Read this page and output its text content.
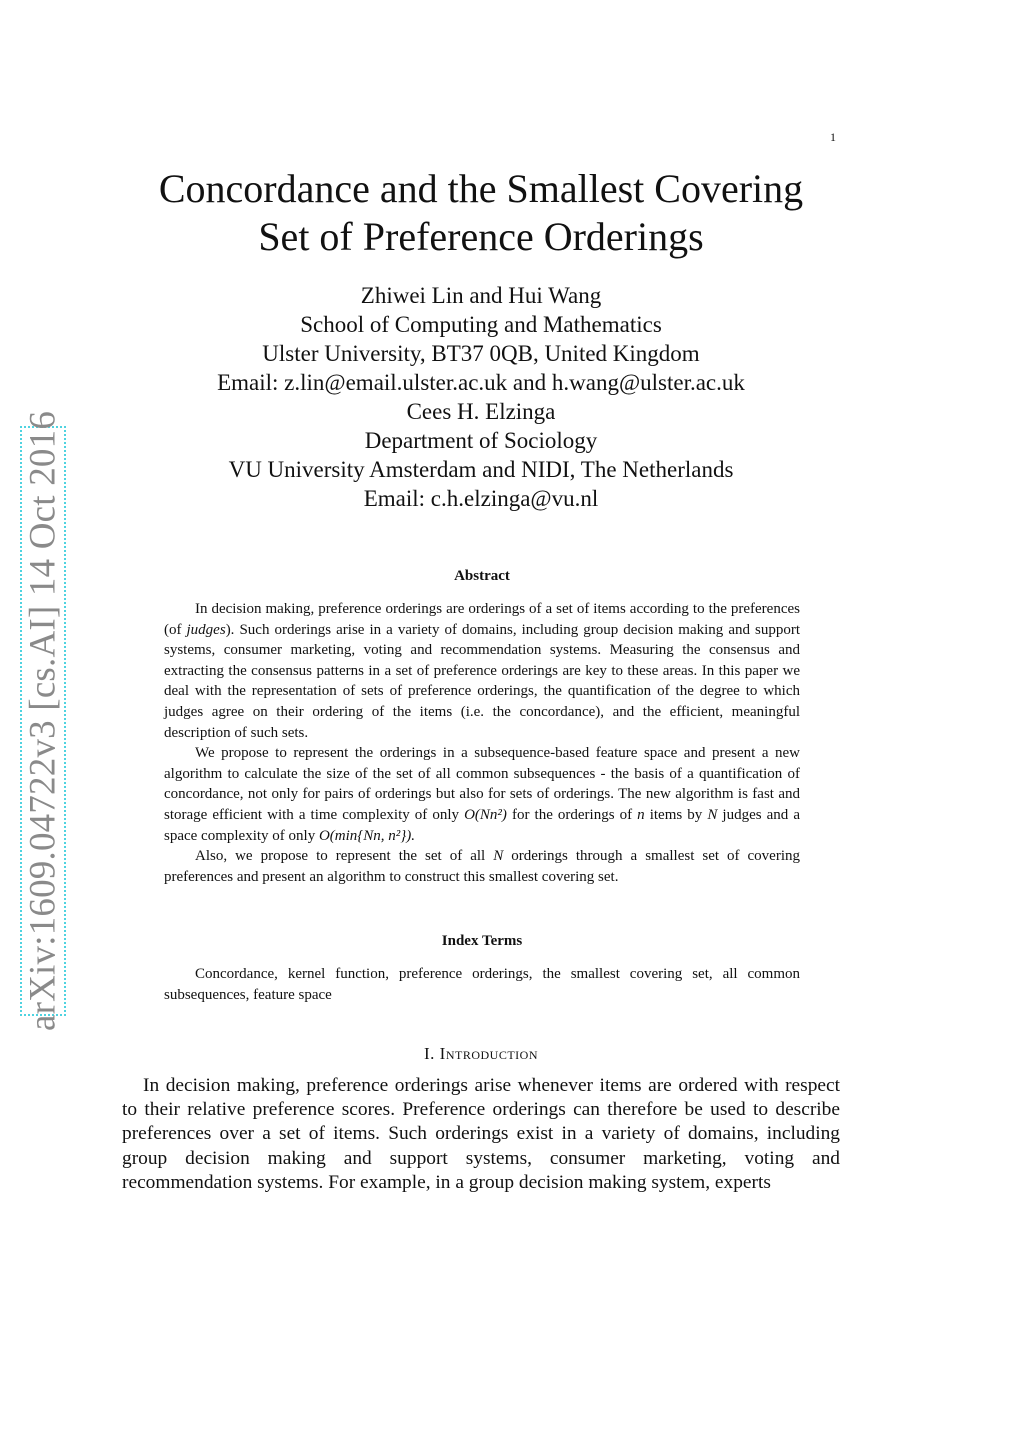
1
arXiv:1609.04722v3 [cs.AI] 14 Oct 2016
Concordance and the Smallest Covering
Set of Preference Orderings
Zhiwei Lin and Hui Wang
School of Computing and Mathematics
Ulster University, BT37 0QB, United Kingdom
Email: z.lin@email.ulster.ac.uk and h.wang@ulster.ac.uk
Cees H. Elzinga
Department of Sociology
VU University Amsterdam and NIDI, The Netherlands
Email: c.h.elzinga@vu.nl
Abstract

In decision making, preference orderings are orderings of a set of items according to the preferences (of judges). Such orderings arise in a variety of domains, including group decision making and support systems, consumer marketing, voting and recommendation systems. Measuring the consensus and extracting the consensus patterns in a set of preference orderings are key to these areas. In this paper we deal with the representation of sets of preference orderings, the quantification of the degree to which judges agree on their ordering of the items (i.e. the concordance), and the efficient, meaningful description of such sets.

We propose to represent the orderings in a subsequence-based feature space and present a new algorithm to calculate the size of the set of all common subsequences - the basis of a quantification of concordance, not only for pairs of orderings but also for sets of orderings. The new algorithm is fast and storage efficient with a time complexity of only O(Nn²) for the orderings of n items by N judges and a space complexity of only O(min{Nn, n²}).

Also, we propose to represent the set of all N orderings through a smallest set of covering preferences and present an algorithm to construct this smallest covering set.

Index Terms
Concordance, kernel function, preference orderings, the smallest covering set, all common subsequences, feature space
I. Introduction

In decision making, preference orderings arise whenever items are ordered with respect to their relative preference scores. Preference orderings can therefore be used to describe preferences over a set of items. Such orderings exist in a variety of domains, including group decision making and support systems, consumer marketing, voting and recommendation systems. For example, in a group decision making system, experts
